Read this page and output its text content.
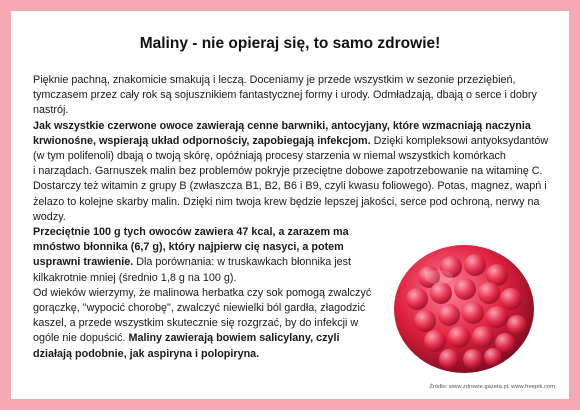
Maliny - nie opieraj się, to samo zdrowie!

Pięknie pachną, znakomicie smakują i leczą. Doceniamy je przede wszystkim w sezonie przeziębień, tymczasem przez cały rok są sojusznikiem fantastycznej formy i urody. Odmładzają, dbają o serce i dobry nastrój.

Jak wszystkie czerwone owoce zawierają cenne barwniki, antocyjany, które wzmacniają naczynia krwionośne, wspierają układ odpornościy, zapobiegają infekcjom. Dzięki kompleksowi antyoksydantów (w tym polifenoli) dbają o twoją skórę, opóźniają procesy starzenia w niemal wszystkich komórkach

i narządach. Garnuszek malin bez problemów pokryje przeciętne dobowe zapotrzebowanie na witaminę C. Dostarczy też witamin z grupy B (zwłaszcza B1, B2, B6 i B9, czyli kwasu foliowego). Potas, magnez, wapń i żelazo to kolejne skarby malin. Dzięki nim twoja krew będzie lepszej jakości, serce pod ochroną, nerwy na wodzy.

Przeciętnie 100 g tych owoców zawiera 47 kcal, a zarazem ma mnóstwo błonnika (6,7 g), który najpierw cię nasyci, a potem usprawni trawienie. Dla porównania: w truskawkach błonnika jest kilkakrotnie mniej (średnio 1,8 g na 100 g).

Od wieków wierzymy, że malinowa herbatka czy sok pomogą zwalczyć gorączkę, "wypocić chorobę", zwalczyć niewielki ból gardła, złagodzić kaszel, a przede wszystkim skutecznie się rozgrzać, by do infekcji w ogóle nie dopuścić. Maliny zawierają bowiem salicylany, czyli działają podobnie, jak aspiryna i polopiryna.

Źródło: www.zdrowie.gazeta.pl; www.freepik.com
